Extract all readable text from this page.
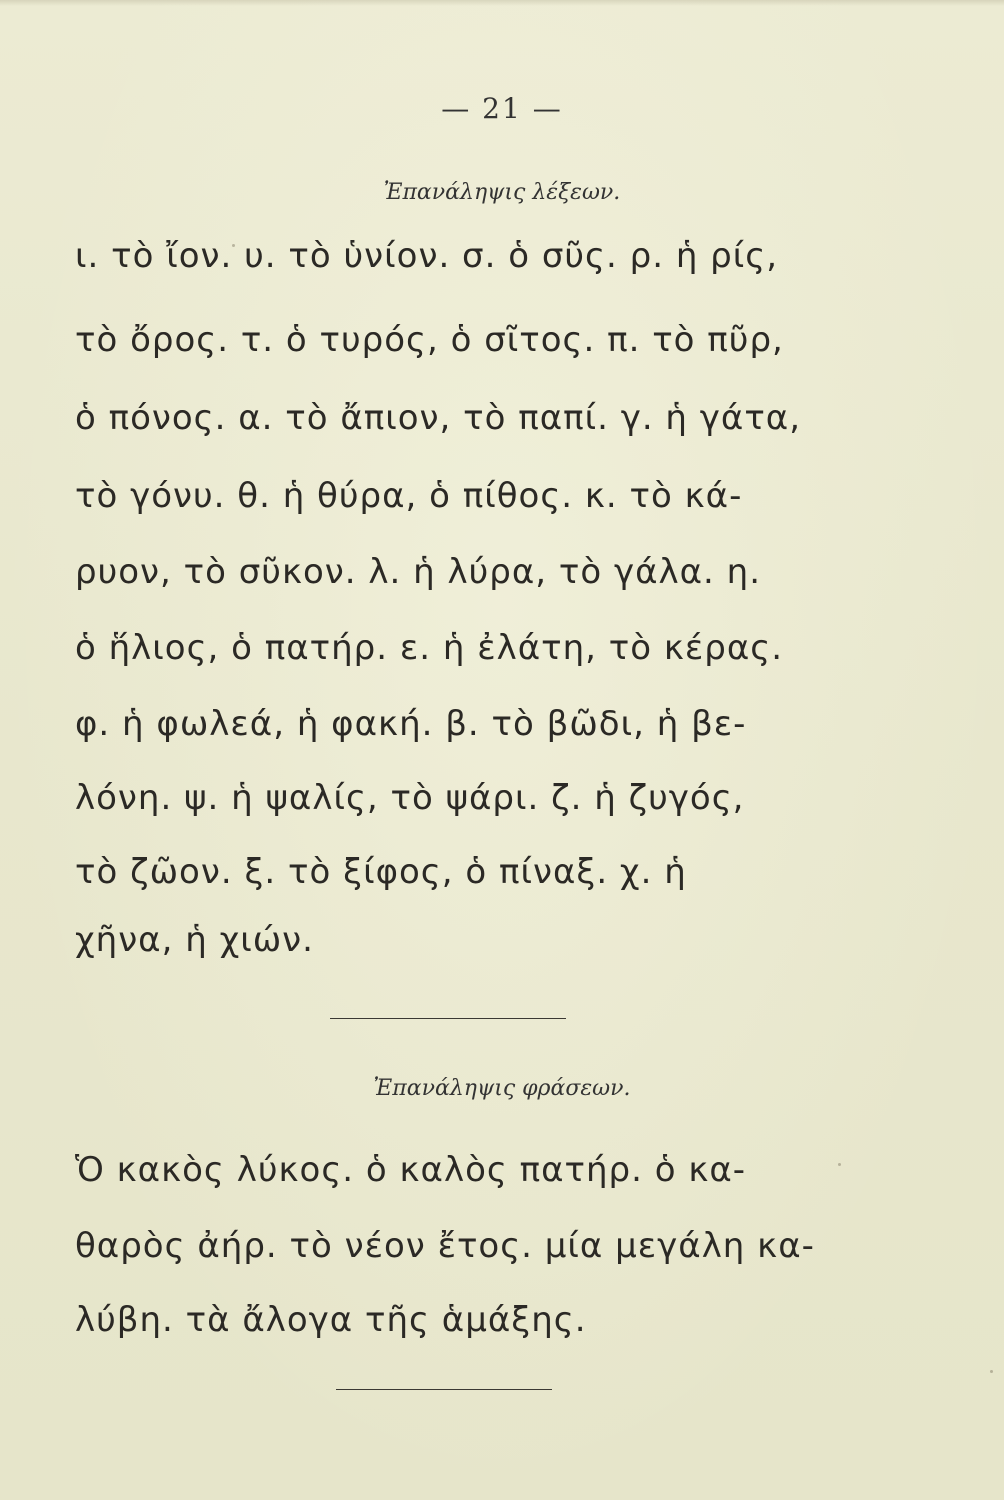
— 21 —
Ἐπανάληψις λέξεων.
ι. τὸ ἴον. υ. τὸ ὑνίον. σ. ὁ σῦς. ρ. ἡ ρίς,
τὸ ὄρος. τ. ὁ τυρός, ὁ σῖτος. π. τὸ πῦρ,
ὁ πόνος. α. τὸ ἄπιον, τὸ παπί. γ. ἡ γάτα,
τὸ γόνυ. θ. ἡ θύρα, ὁ πίθος. κ. τὸ κά-
ρυον, τὸ σῦκον. λ. ἡ λύρα, τὸ γάλα. η.
ὁ ἥλιος, ὁ πατήρ. ε. ἡ ἐλάτη, τὸ κέρας.
φ. ἡ φωλεά, ἡ φακή. β. τὸ βῶδι, ἡ βε-
λόνη. ψ. ἡ ψαλίς, τὸ ψάρι. ζ. ἡ ζυγός,
τὸ ζῶον. ξ. τὸ ξίφος, ὁ πίναξ. χ. ἡ
χῆνα, ἡ χιών.
Ἐπανάληψις φράσεων.
Ὁ κακὸς λύκος. ὁ καλὸς πατήρ. ὁ κα-
θαρὸς ἀήρ. τὸ νέον ἔτος. μία μεγάλη κα-
λύβη. τὰ ἄλογα τῆς ἁμάξης.
